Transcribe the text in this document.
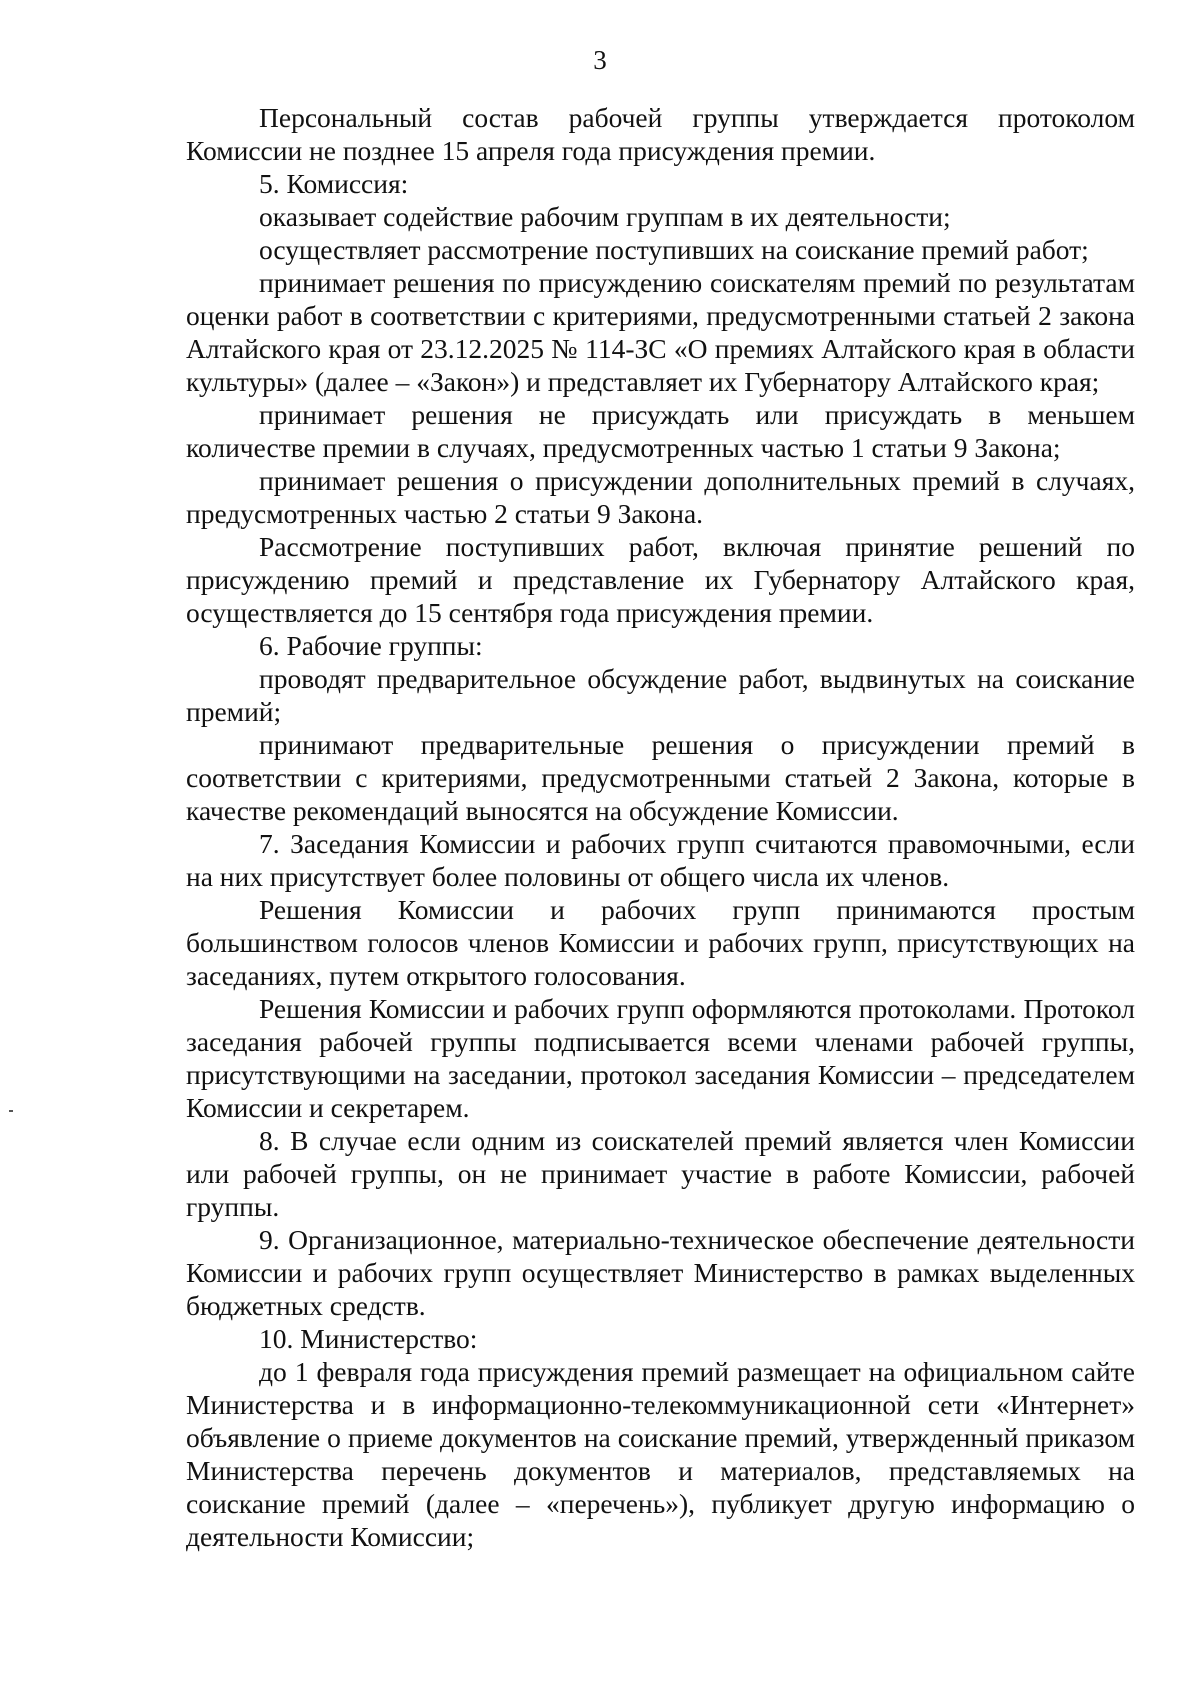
3

Персональный состав рабочей группы утверждается протоколом Комиссии не позднее 15 апреля года присуждения премии.

5. Комиссия:

оказывает содействие рабочим группам в их деятельности;

осуществляет рассмотрение поступивших на соискание премий работ;

принимает решения по присуждению соискателям премий по результатам оценки работ в соответствии с критериями, предусмотренными статьей 2 закона Алтайского края от 23.12.2025 № 114-ЗС «О премиях Алтайского края в области культуры» (далее – «Закон») и представляет их Губернатору Алтайского края;

принимает решения не присуждать или присуждать в меньшем количестве премии в случаях, предусмотренных частью 1 статьи 9 Закона;

принимает решения о присуждении дополнительных премий в случаях, предусмотренных частью 2 статьи 9 Закона.

Рассмотрение поступивших работ, включая принятие решений по присуждению премий и представление их Губернатору Алтайского края, осуществляется до 15 сентября года присуждения премии.

6. Рабочие группы:

проводят предварительное обсуждение работ, выдвинутых на соискание премий;

принимают предварительные решения о присуждении премий в соответствии с критериями, предусмотренными статьей 2 Закона, которые в качестве рекомендаций выносятся на обсуждение Комиссии.

7. Заседания Комиссии и рабочих групп считаются правомочными, если на них присутствует более половины от общего числа их членов.

Решения Комиссии и рабочих групп принимаются простым большинством голосов членов Комиссии и рабочих групп, присутствующих на заседаниях, путем открытого голосования.

Решения Комиссии и рабочих групп оформляются протоколами. Протокол заседания рабочей группы подписывается всеми членами рабочей группы, присутствующими на заседании, протокол заседания Комиссии – председателем Комиссии и секретарем.

8. В случае если одним из соискателей премий является член Комиссии или рабочей группы, он не принимает участие в работе Комиссии, рабочей группы.

9. Организационное, материально-техническое обеспечение деятельности Комиссии и рабочих групп осуществляет Министерство в рамках выделенных бюджетных средств.

10. Министерство:

до 1 февраля года присуждения премий размещает на официальном сайте Министерства и в информационно-телекоммуникационной сети «Интернет» объявление о приеме документов на соискание премий, утвержденный приказом Министерства перечень документов и материалов, представляемых на соискание премий (далее – «перечень»), публикует другую информацию о деятельности Комиссии;
